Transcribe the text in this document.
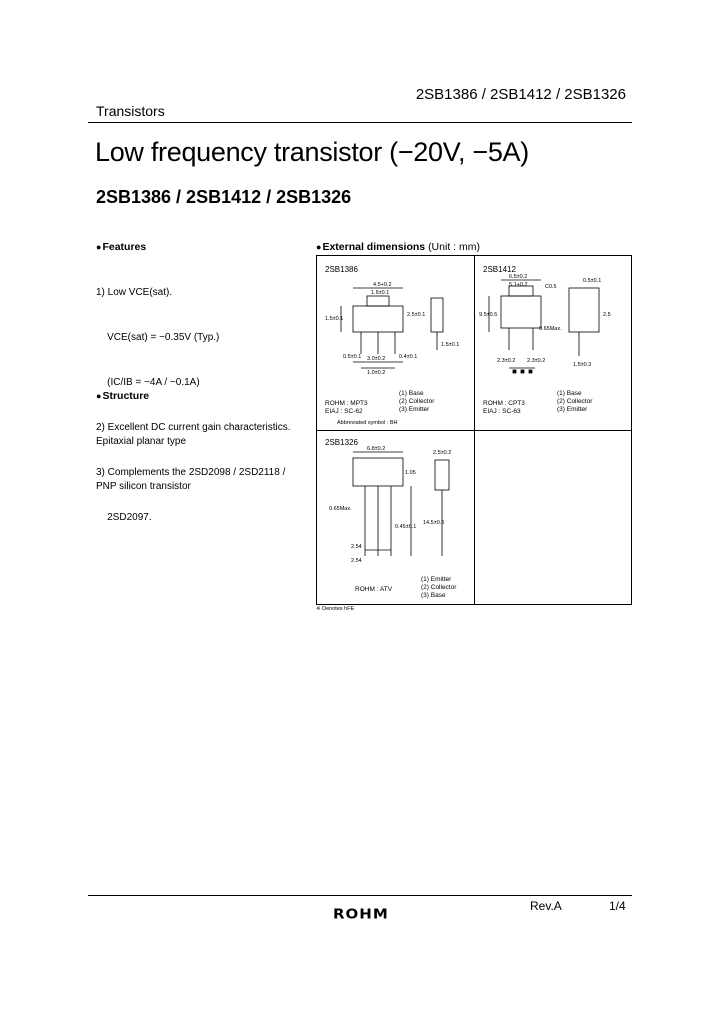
2SB1386 / 2SB1412 / 2SB1326
Transistors
Low frequency transistor (−20V, −5A)
2SB1386 / 2SB1412 / 2SB1326
●Features

1) Low VCE(sat).

VCE(sat) = −0.35V (Typ.)

(IC/IB = −4A / −0.1A)

2) Excellent DC current gain characteristics.

3) Complements the 2SD2098 / 2SD2118 /

2SD2097.

●Structure

Epitaxial planar type

PNP silicon transistor

●External dimensions (Unit : mm)
2SB1386
4.5+0.2
1.6±0.1
2.5±0.1
1.5±0.1
0.5±0.1	0.4±0.1
1.5±0.1
3.0±0.2
1.0±0.2
ROHM : MPT3
EIAJ : SC-62
(1) Base
(2) Collector
(3) Emitter
Abbreviated symbol : BH
2SB1412
6.5±0.2
5.1+0.2	C0.5
0.5±0.1
9.5±0.5
0.65Max.
2.3±0.2 2.3±0.2
1.5±0.3
2.5
ROHM : CPT3
EIAJ : SC-63
(1) Base
(2) Collector
(3) Emitter
2SB1326
6.8±0.2
2.5±0.2
1.05
0.65Max.
0.45±0.1
2.54
2.54
14.5±0.5
ROHM : ATV
(1) Emitter
(2) Collector
(3) Base
※ Denotes hFE
ROHM	Rev.A	1/4
